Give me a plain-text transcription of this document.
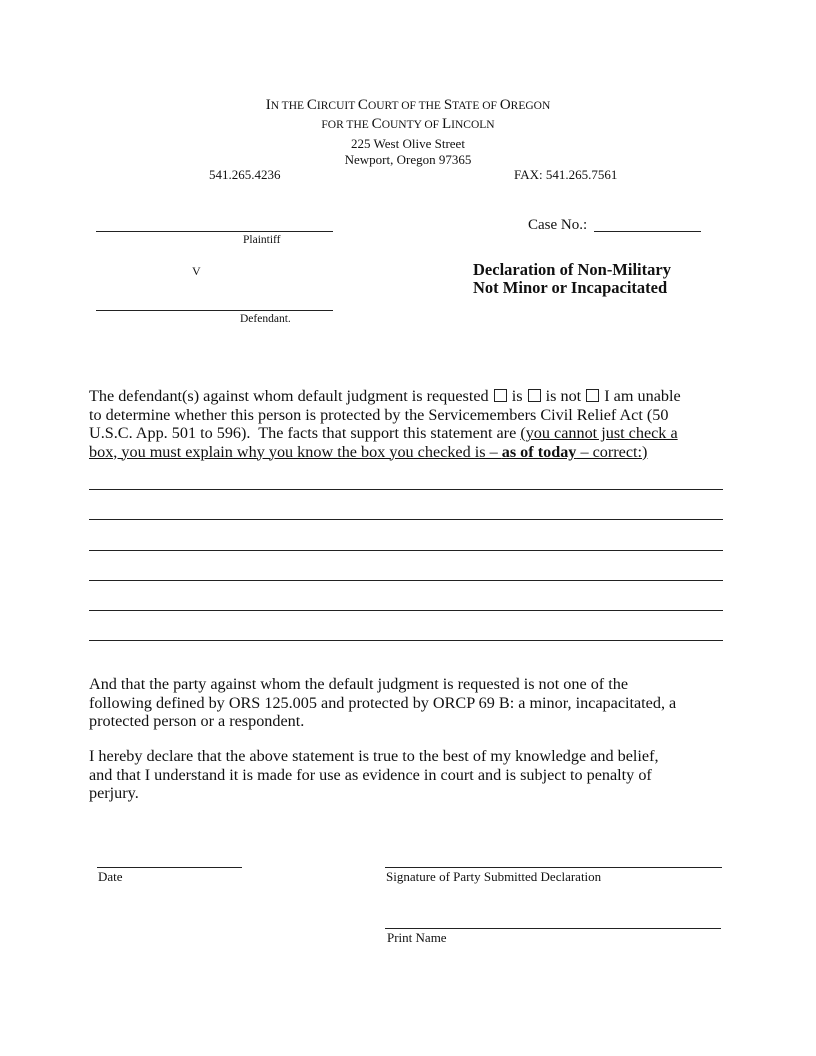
IN THE CIRCUIT COURT OF THE STATE OF OREGON
FOR THE COUNTY OF LINCOLN
225 West Olive Street
Newport, Oregon 97365
541.265.4236	FAX: 541.265.7561
Plaintiff
V
Defendant.
Case No.:
Declaration of Non-Military
Not Minor or Incapacitated
The defendant(s) against whom default judgment is requested is is not I am unable
to determine whether this person is protected by the Servicemembers Civil Relief Act (50
U.S.C. App. 501 to 596).  The facts that support this statement are (you cannot just check a
box, you must explain why you know the box you checked is – as of today – correct:)
And that the party against whom the default judgment is requested is not one of the
following defined by ORS 125.005 and protected by ORCP 69 B: a minor, incapacitated, a
protected person or a respondent.
I hereby declare that the above statement is true to the best of my knowledge and belief,
and that I understand it is made for use as evidence in court and is subject to penalty of
perjury.
Date	Signature of Party Submitted Declaration
Print Name
